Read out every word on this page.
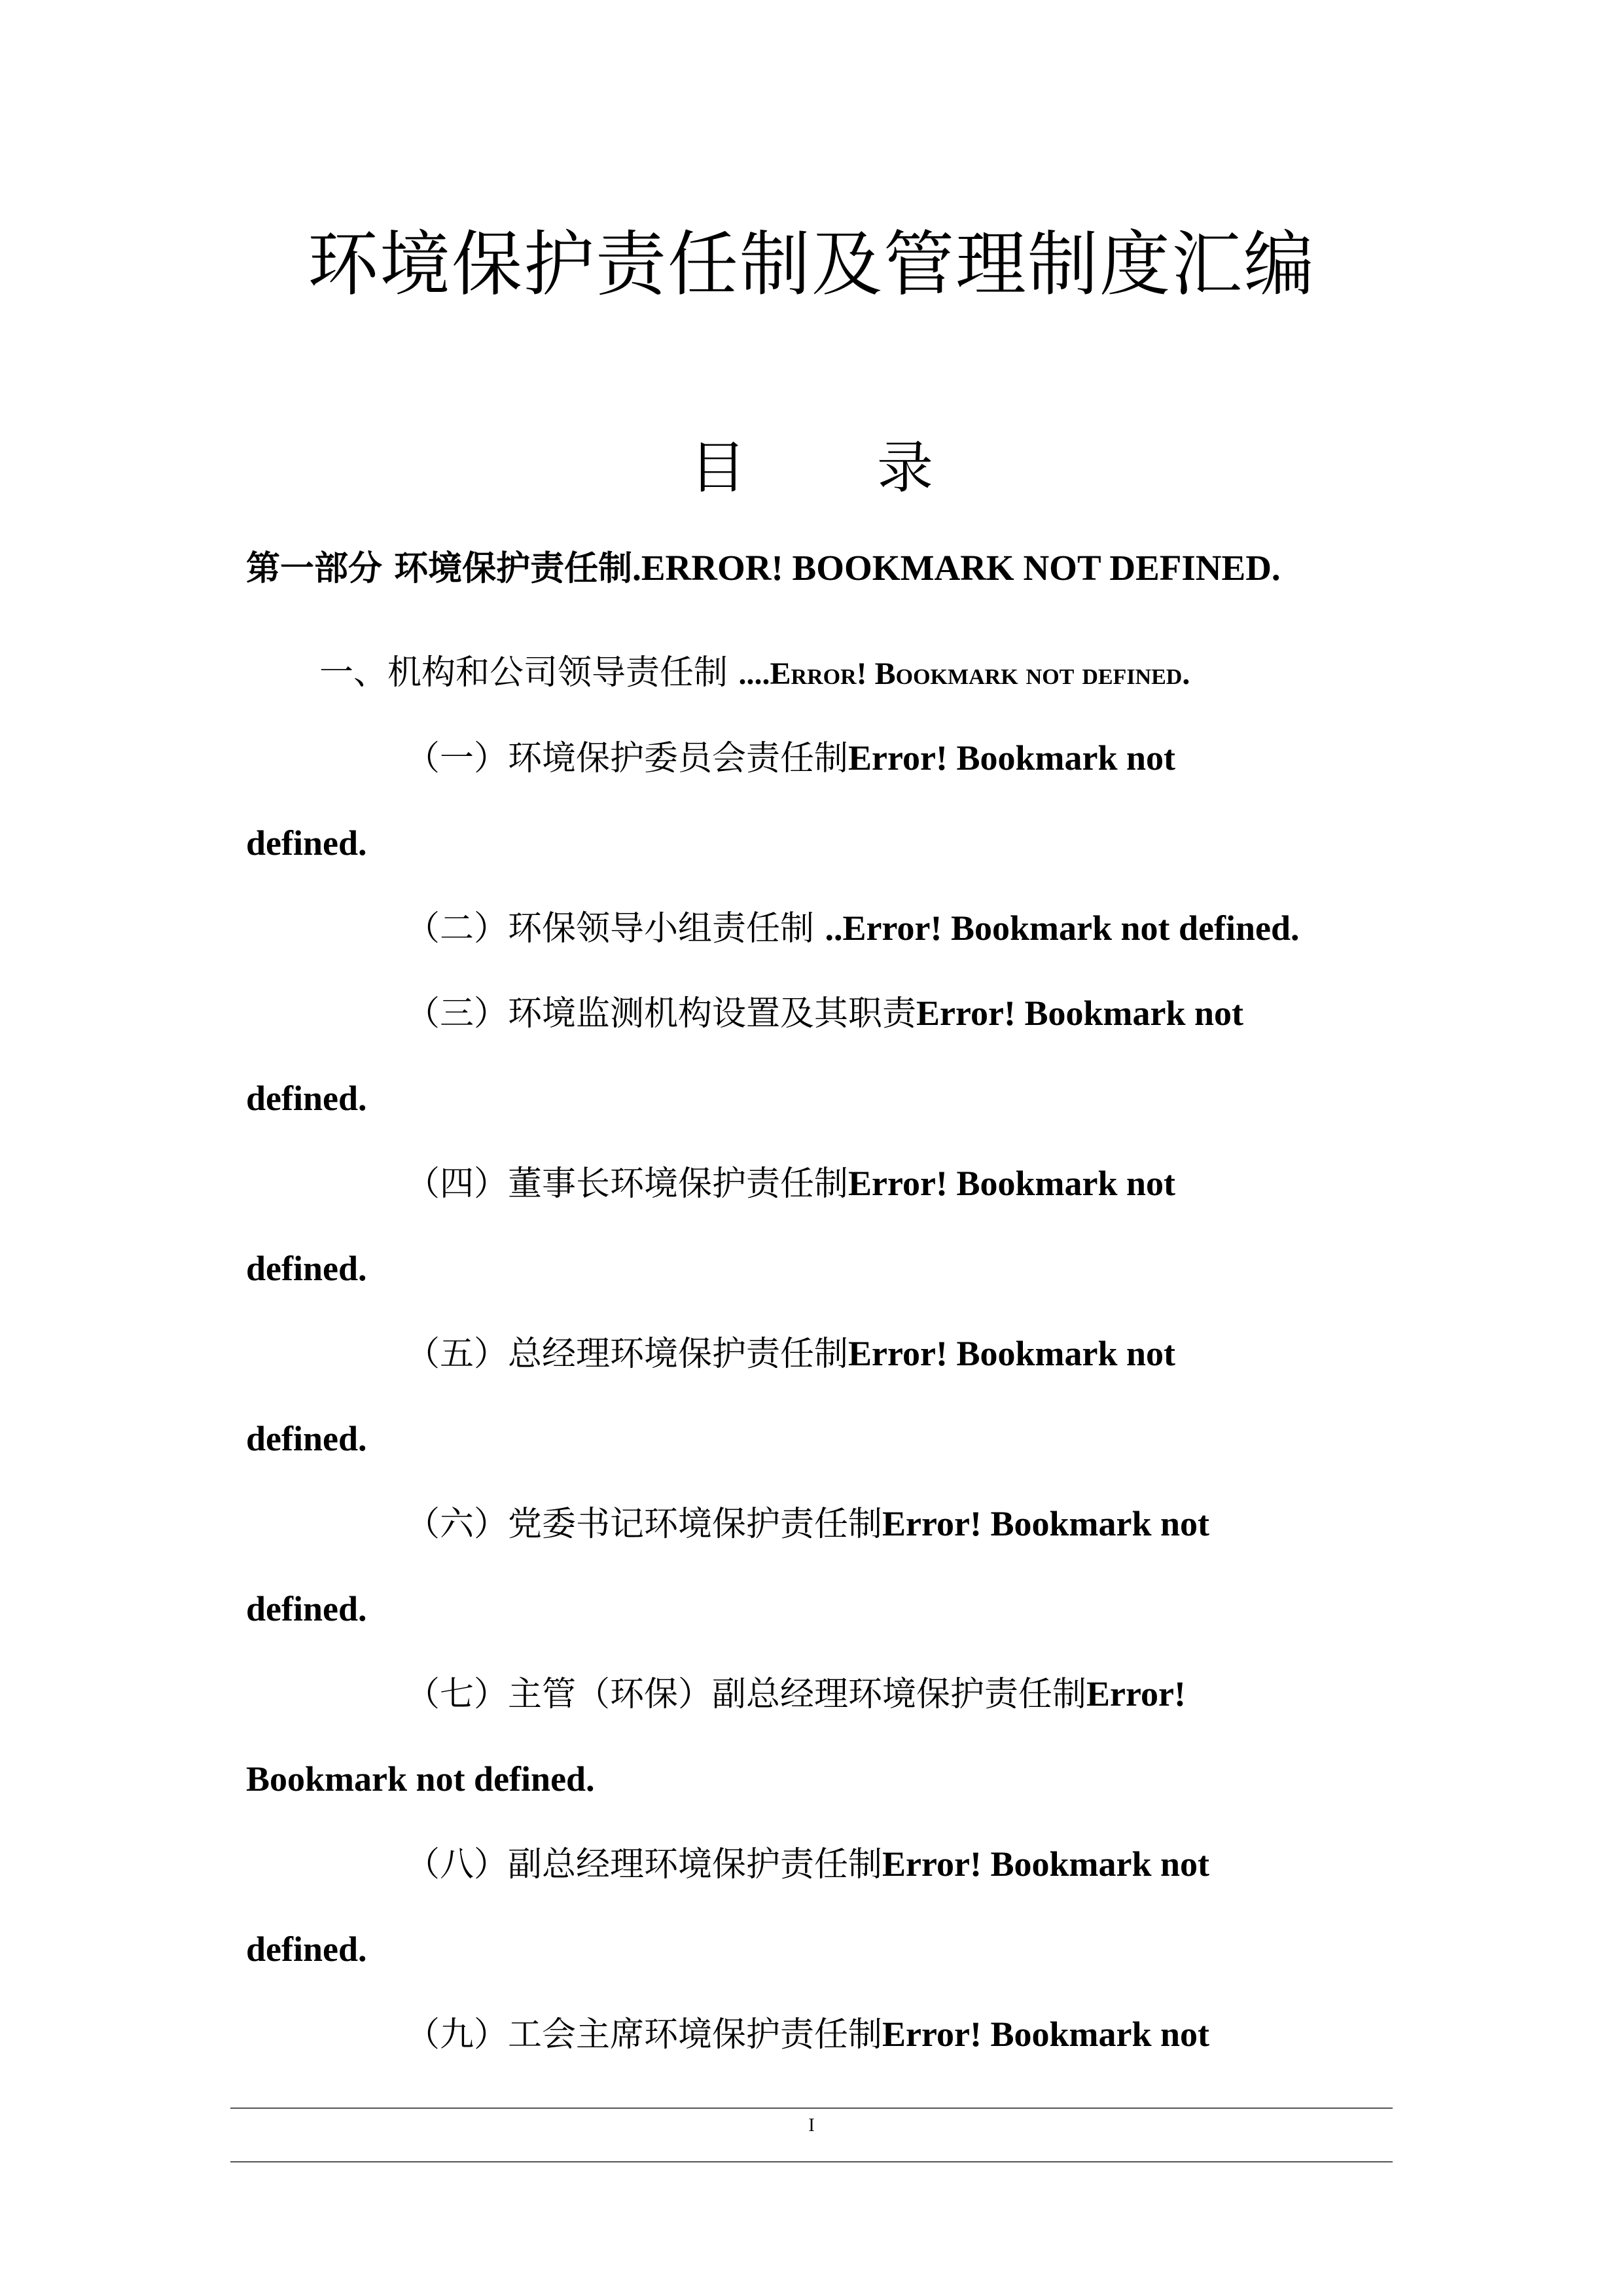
环境保护责任制及管理制度汇编
目 录
第一部分 环境保护责任制.ERROR! BOOKMARK NOT DEFINED.
一、机构和公司领导责任制 ....Error! Bookmark not defined.
（一）环境保护委员会责任制Error! Bookmark not
defined.
（二）环保领导小组责任制 ..Error! Bookmark not defined.
（三）环境监测机构设置及其职责Error! Bookmark not
defined.
（四）董事长环境保护责任制Error! Bookmark not
defined.
（五）总经理环境保护责任制Error! Bookmark not
defined.
（六）党委书记环境保护责任制Error! Bookmark not
defined.
（七）主管（环保）副总经理环境保护责任制Error!
Bookmark not defined.
（八）副总经理环境保护责任制Error! Bookmark not
defined.
（九）工会主席环境保护责任制Error! Bookmark not
I
